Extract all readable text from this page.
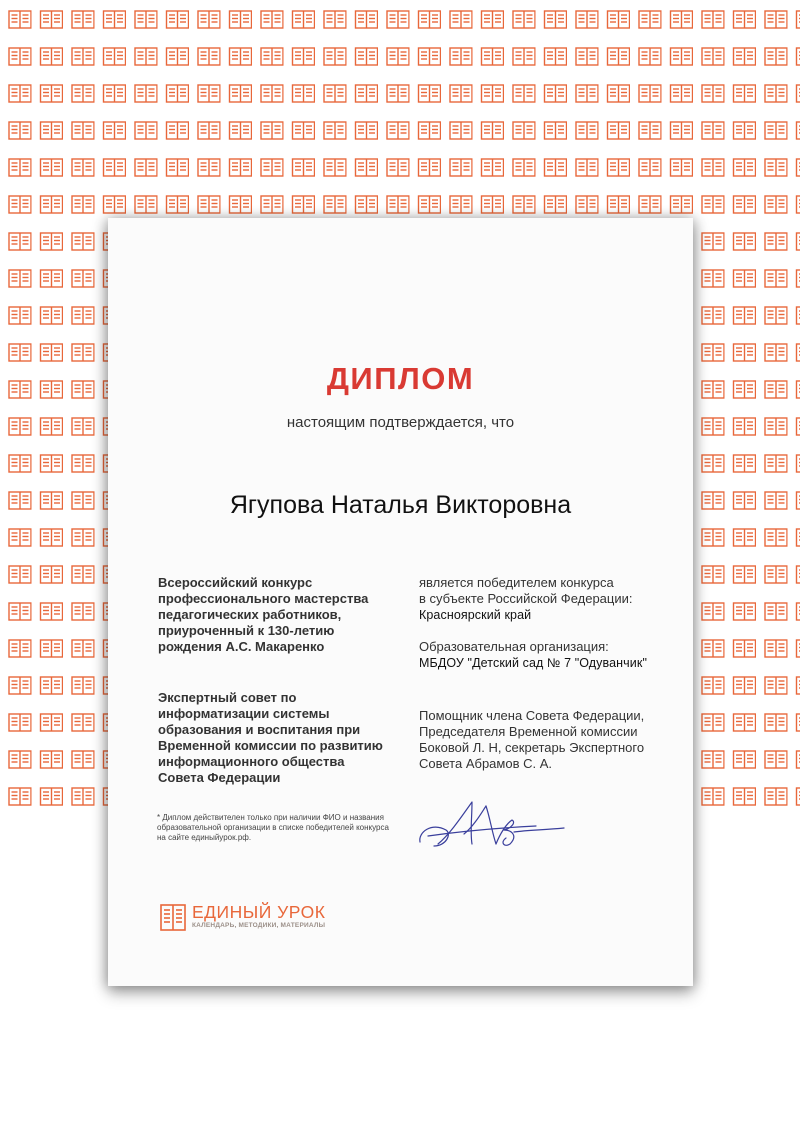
ДИПЛОМ
настоящим подтверждается, что
Ягупова Наталья Викторовна
Всероссийский конкурс
профессионального мастерства
педагогических работников,
приуроченный к 130-летию
рождения А.С. Макаренко
является победителем конкурса
в субъекте Российской Федерации:
Красноярский край
Образовательная организация:
МБДОУ "Детский сад № 7 "Одуванчик"
Экспертный совет по
информатизации системы
образования и воспитания при
Временной комиссии по развитию
информационного общества
Совета Федерации
Помощник члена Совета Федерации,
Председателя Временной комиссии
Боковой Л. Н, секретарь Экспертного
Совета Абрамов С. А.
* Диплом действителен только при наличии ФИО и названия
образовательной организации в списке победителей конкурса
на сайте единыйурок.рф.
ЕДИНЫЙ УРОК
КАЛЕНДАРЬ, МЕТОДИКИ, МАТЕРИАЛЫ
